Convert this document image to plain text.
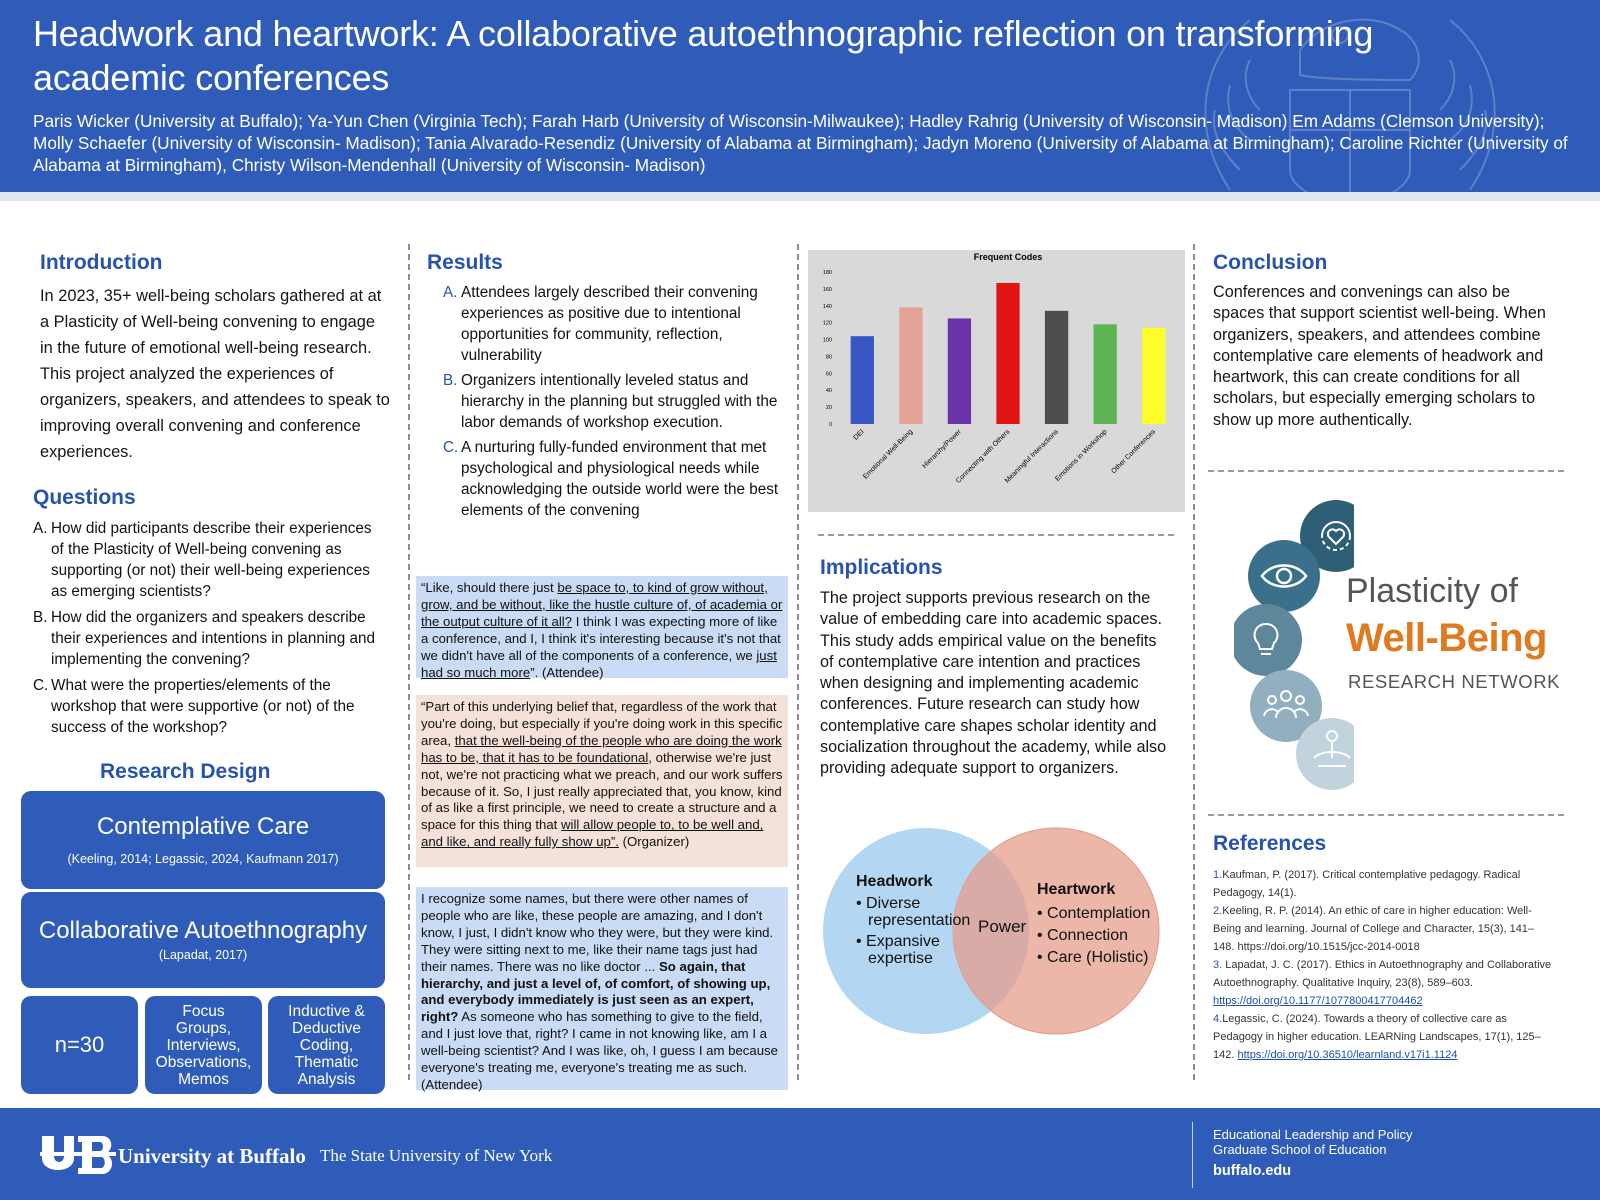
Headwork and heartwork: A collaborative autoethnographic reflection on transforming academic conferences
Paris Wicker (University at Buffalo); Ya-Yun Chen (Virginia Tech); Farah Harb (University of Wisconsin-Milwaukee); Hadley Rahrig (University of Wisconsin- Madison) Em Adams (Clemson University); Molly Schaefer (University of Wisconsin- Madison); Tania Alvarado-Resendiz (University of Alabama at Birmingham); Jadyn Moreno (University of Alabama at Birmingham); Caroline Richter (University of Alabama at Birmingham), Christy Wilson-Mendenhall (University of Wisconsin- Madison)
Introduction
In 2023, 35+ well-being scholars gathered at at a Plasticity of Well-being convening to engage in the future of emotional well-being research. This project analyzed the experiences of organizers, speakers, and attendees to speak to improving overall convening and conference experiences.
Questions
A. How did participants describe their experiences of the Plasticity of Well-being convening as supporting (or not) their well-being experiences as emerging scientists?
B. How did the organizers and speakers describe their experiences and intentions in planning and implementing the convening?
C. What were the properties/elements of the workshop that were supportive (or not) of the success of the workshop?
Research Design
Contemplative Care
(Keeling, 2014; Legassic, 2024, Kaufmann 2017)
Collaborative Autoethnography
(Lapadat, 2017)
n=30
Focus Groups, Interviews, Observations, Memos
Inductive & Deductive Coding, Thematic Analysis
Results
A. Attendees largely described their convening experiences as positive due to intentional opportunities for community, reflection, vulnerability
B. Organizers intentionally leveled status and hierarchy in the planning but struggled with the labor demands of workshop execution.
C. A nurturing fully-funded environment that met psychological and physiological needs while acknowledging the outside world were the best elements of the convening
“Like, should there just be space to, to kind of grow without, grow, and be without, like the hustle culture of, of academia or the output culture of it all? I think I was expecting more of like a conference, and I, I think it's interesting because it's not that we didn't have all of the components of a conference, we just had so much more”. (Attendee)
“Part of this underlying belief that, regardless of the work that you're doing, but especially if you're doing work in this specific area, that the well-being of the people who are doing the work has to be, that it has to be foundational, otherwise we're just not, we're not practicing what we preach, and our work suffers because of it. So, I just really appreciated that, you know, kind of as like a first principle, we need to create a structure and a space for this thing that will allow people to, to be well and, and like, and really fully show up”. (Organizer)
I recognize some names, but there were other names of people who are like, these people are amazing, and I don't know, I just, I didn't know who they were, but they were kind. They were sitting next to me, like their name tags just had their names. There was no like doctor ... So again, that hierarchy, and just a level of, of comfort, of showing up, and everybody immediately is just seen as an expert, right? As someone who has something to give to the field, and I just love that, right? I came in not knowing like, am I a well-being scientist? And I was like, oh, I guess I am because everyone's treating me, everyone's treating me as such. (Attendee)
Frequent Codes
0
20
40
60
80
100
120
140
160
180
DEI
Emotional Well-Being Hierarchy/Power
Connecting with Others
Meaningful Interactions
Emotions in Workshop Other Conferences
Implications
The project supports previous research on the value of embedding care into academic spaces. This study adds empirical value on the benefits of contemplative care intention and practices when designing and implementing academic conferences. Future research can study how contemplative care shapes scholar identity and socialization throughout the academy, while also providing adequate support to organizers.
Headwork
• Diverse
representation
• Expansive
expertise
Power
Heartwork
• Contemplation
• Connection
• Care (Holistic)
Conclusion
Conferences and convenings can also be spaces that support scientist well-being. When organizers, speakers, and attendees combine contemplative care elements of headwork and heartwork, this can create conditions for all scholars, but especially emerging scholars to show up more authentically.
Plasticity of
Well-Being
RESEARCH NETWORK
References
1.Kaufman, P. (2017). Critical contemplative pedagogy. Radical Pedagogy, 14(1).
2.Keeling, R. P. (2014). An ethic of care in higher education: Well-Being and learning. Journal of College and Character, 15(3), 141–148. https://doi.org/10.1515/jcc-2014-0018
3. Lapadat, J. C. (2017). Ethics in Autoethnography and Collaborative Autoethnography. Qualitative Inquiry, 23(8), 589–603. https://doi.org/10.1177/1077800417704462
4.Legassic, C. (2024). Towards a theory of collective care as Pedagogy in higher education. LEARNing Landscapes, 17(1), 125–142. https://doi.org/10.36510/learnland.v17i1.1124
University at Buffalo The State University of New York
Educational Leadership and Policy
Graduate School of Education
buffalo.edu
